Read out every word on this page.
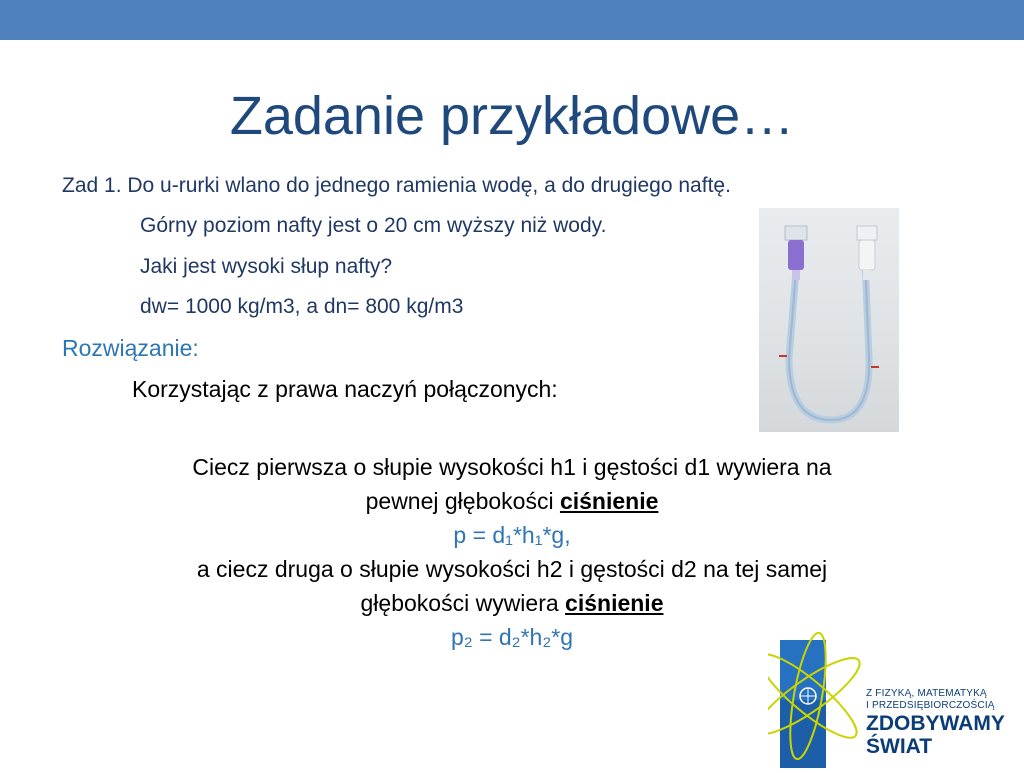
Zadanie przykładowe…
Zad 1. Do u-rurki wlano do jednego ramienia wodę, a do drugiego naftę.
Górny poziom nafty jest o 20 cm wyższy niż wody.
Jaki jest wysoki słup nafty?
dw= 1000 kg/m3, a dn= 800 kg/m3
Rozwiązanie:
Korzystając z prawa naczyń połączonych:
Ciecz pierwsza o słupie wysokości h1 i gęstości d1 wywiera na
pewnej głębokości ciśnienie
p = d₁*h₁*g,
a ciecz druga o słupie wysokości h2 i gęstości d2 na tej samej
głębokości wywiera ciśnienie
p₂ = d₂*h₂*g
Z FIZYKĄ, MATEMATYKĄ
I PRZEDSIĘBIORCZOŚCIĄ
ZDOBYWAMY
ŚWIAT
